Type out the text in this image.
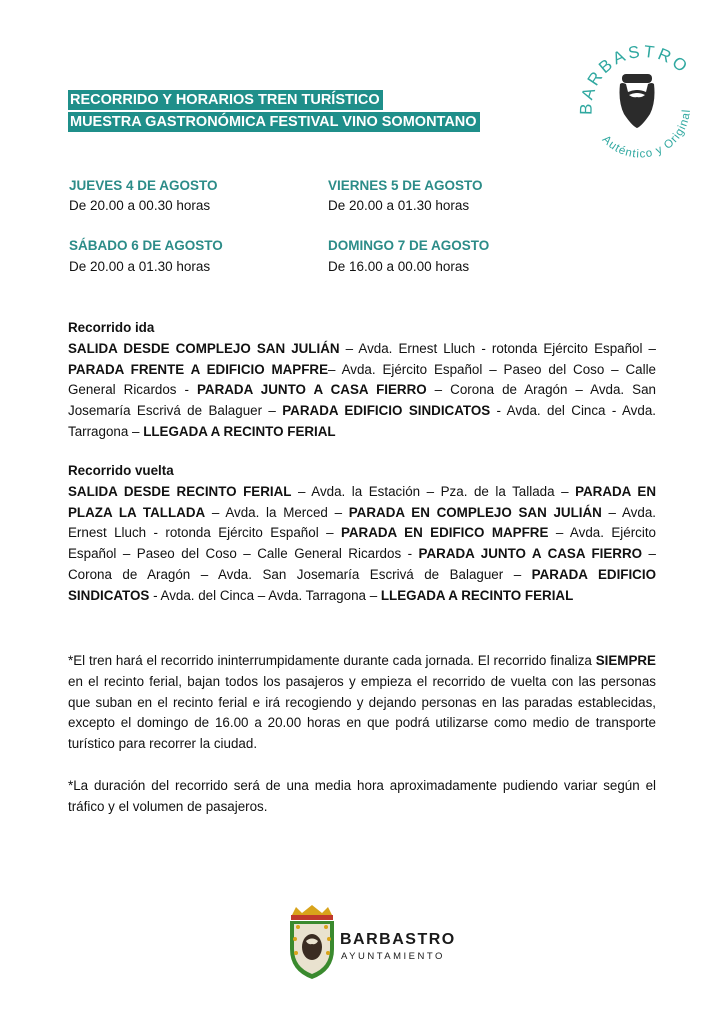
RECORRIDO Y HORARIOS TREN TURÍSTICO
MUESTRA GASTRONÓMICA FESTIVAL VINO SOMONTANO
BARBASTRO
Auténtico y Original
JUEVES 4 DE AGOSTO
De 20.00 a 00.30 horas
VIERNES 5 DE AGOSTO
De 20.00 a 01.30 horas
SÁBADO 6 DE AGOSTO
De 20.00 a 01.30 horas
DOMINGO 7 DE AGOSTO
De 16.00 a 00.00 horas
Recorrido ida

SALIDA DESDE COMPLEJO SAN JULIÁN – Avda. Ernest Lluch - rotonda Ejército Español – PARADA FRENTE A EDIFICIO MAPFRE– Avda. Ejército Español – Paseo del Coso – Calle General Ricardos - PARADA JUNTO A CASA FIERRO – Corona de Aragón – Avda. San Josemaría Escrivá de Balaguer – PARADA EDIFICIO SINDICATOS - Avda. del Cinca - Avda. Tarragona – LLEGADA A RECINTO FERIAL

Recorrido vuelta

SALIDA DESDE RECINTO FERIAL – Avda. la Estación – Pza. de la Tallada – PARADA EN PLAZA LA TALLADA – Avda. la Merced – PARADA EN COMPLEJO SAN JULIÁN – Avda. Ernest Lluch - rotonda Ejército Español – PARADA EN EDIFICO MAPFRE – Avda. Ejército Español – Paseo del Coso – Calle General Ricardos - PARADA JUNTO A CASA FIERRO – Corona de Aragón – Avda. San Josemaría Escrivá de Balaguer – PARADA EDIFICIO SINDICATOS - Avda. del Cinca – Avda. Tarragona – LLEGADA A RECINTO FERIAL

*El tren hará el recorrido ininterrumpidamente durante cada jornada. El recorrido finaliza SIEMPRE en el recinto ferial, bajan todos los pasajeros y empieza el recorrido de vuelta con las personas que suban en el recinto ferial e irá recogiendo y dejando personas en las paradas establecidas, excepto el domingo de 16.00 a 20.00 horas en que podrá utilizarse como medio de transporte turístico para recorrer la ciudad.

*La duración del recorrido será de una media hora aproximadamente pudiendo variar según el tráfico y el volumen de pasajeros.

BARBASTRO
AYUNTAMIENTO
